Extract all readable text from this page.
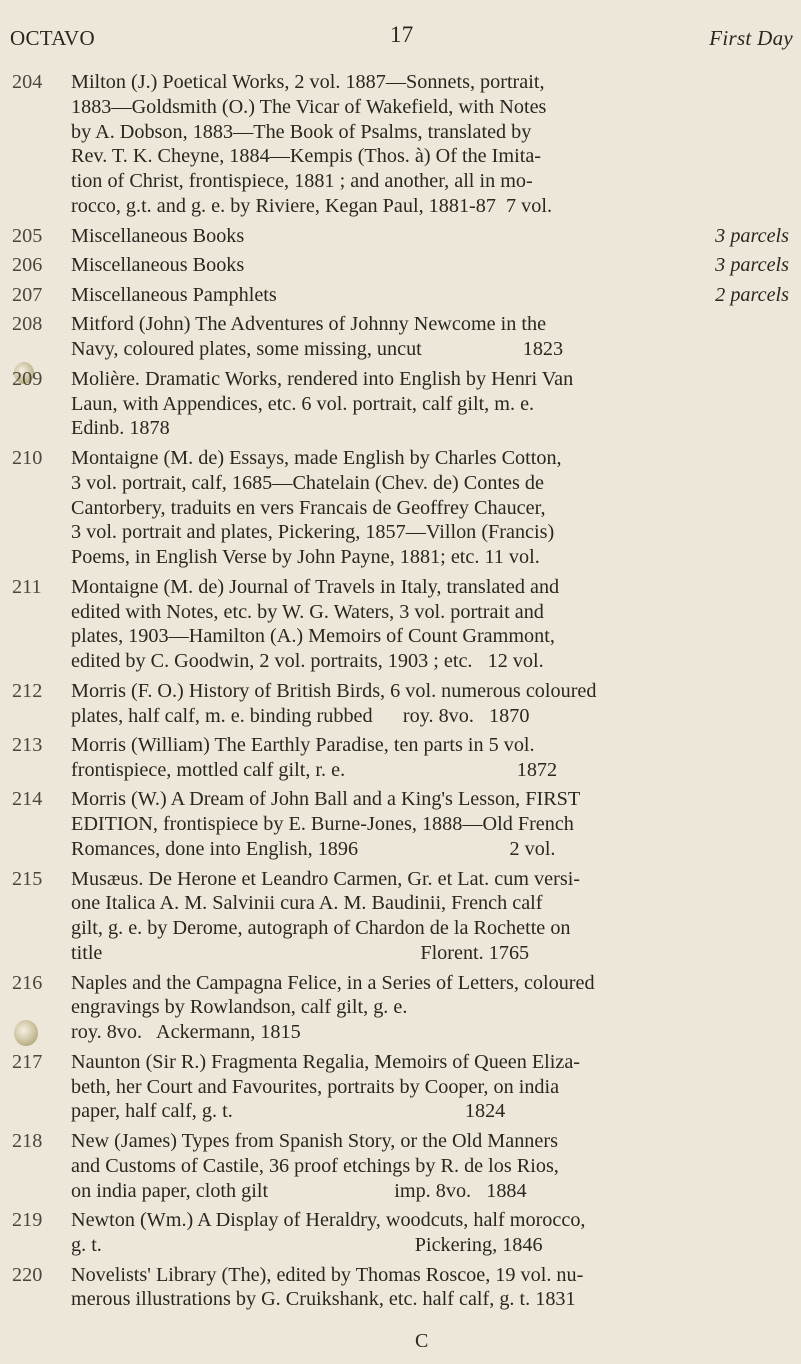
OCTAVO	17	First Day
204	Milton (J.) Poetical Works, 2 vol. 1887—Sonnets, portrait,
1883—Goldsmith (O.) The Vicar of Wakefield, with Notes
by A. Dobson, 1883—The Book of Psalms, translated by
Rev. T. K. Cheyne, 1884—Kempis (Thos. à) Of the Imita-
tion of Christ, frontispiece, 1881 ; and another, all in mo-
rocco, g.t. and g. e. by Riviere, Kegan Paul, 1881-87  7 vol.
205	Miscellaneous Books	3 parcels
206	Miscellaneous Books	3 parcels
207	Miscellaneous Pamphlets	2 parcels
208	Mitford (John) The Adventures of Johnny Newcome in the
Navy, coloured plates, some missing, uncut                    1823
209	Molière. Dramatic Works, rendered into English by Henri Van
Laun, with Appendices, etc. 6 vol. portrait, calf gilt, m. e.
Edinb. 1878
210	Montaigne (M. de) Essays, made English by Charles Cotton,
3 vol. portrait, calf, 1685—Chatelain (Chev. de) Contes de
Cantorbery, traduits en vers Francais de Geoffrey Chaucer,
3 vol. portrait and plates, Pickering, 1857—Villon (Francis)
Poems, in English Verse by John Payne, 1881; etc. 11 vol.
211	Montaigne (M. de) Journal of Travels in Italy, translated and
edited with Notes, etc. by W. G. Waters, 3 vol. portrait and
plates, 1903—Hamilton (A.) Memoirs of Count Grammont,
edited by C. Goodwin, 2 vol. portraits, 1903 ; etc.   12 vol.
212	Morris (F. O.) History of British Birds, 6 vol. numerous coloured
plates, half calf, m. e. binding rubbed      roy. 8vo.   1870
213	Morris (William) The Earthly Paradise, ten parts in 5 vol.
frontispiece, mottled calf gilt, r. e.                                  1872
214	Morris (W.) A Dream of John Ball and a King's Lesson, FIRST
EDITION, frontispiece by E. Burne-Jones, 1888—Old French
Romances, done into English, 1896                              2 vol.
215	Musæus. De Herone et Leandro Carmen, Gr. et Lat. cum versi-
one Italica A. M. Salvinii cura A. M. Baudinii, French calf
gilt, g. e. by Derome, autograph of Chardon de la Rochette on
title                                                               Florent. 1765
216	Naples and the Campagna Felice, in a Series of Letters, coloured
engravings by Rowlandson, calf gilt, g. e.
roy. 8vo.   Ackermann, 1815
217	Naunton (Sir R.) Fragmenta Regalia, Memoirs of Queen Eliza-
beth, her Court and Favourites, portraits by Cooper, on india
paper, half calf, g. t.                                              1824
218	New (James) Types from Spanish Story, or the Old Manners
and Customs of Castile, 36 proof etchings by R. de los Rios,
on india paper, cloth gilt                         imp. 8vo.   1884
219	Newton (Wm.) A Display of Heraldry, woodcuts, half morocco,
g. t.                                                              Pickering, 1846
220	Novelists' Library (The), edited by Thomas Roscoe, 19 vol. nu-
merous illustrations by G. Cruikshank, etc. half calf, g. t. 1831
C
